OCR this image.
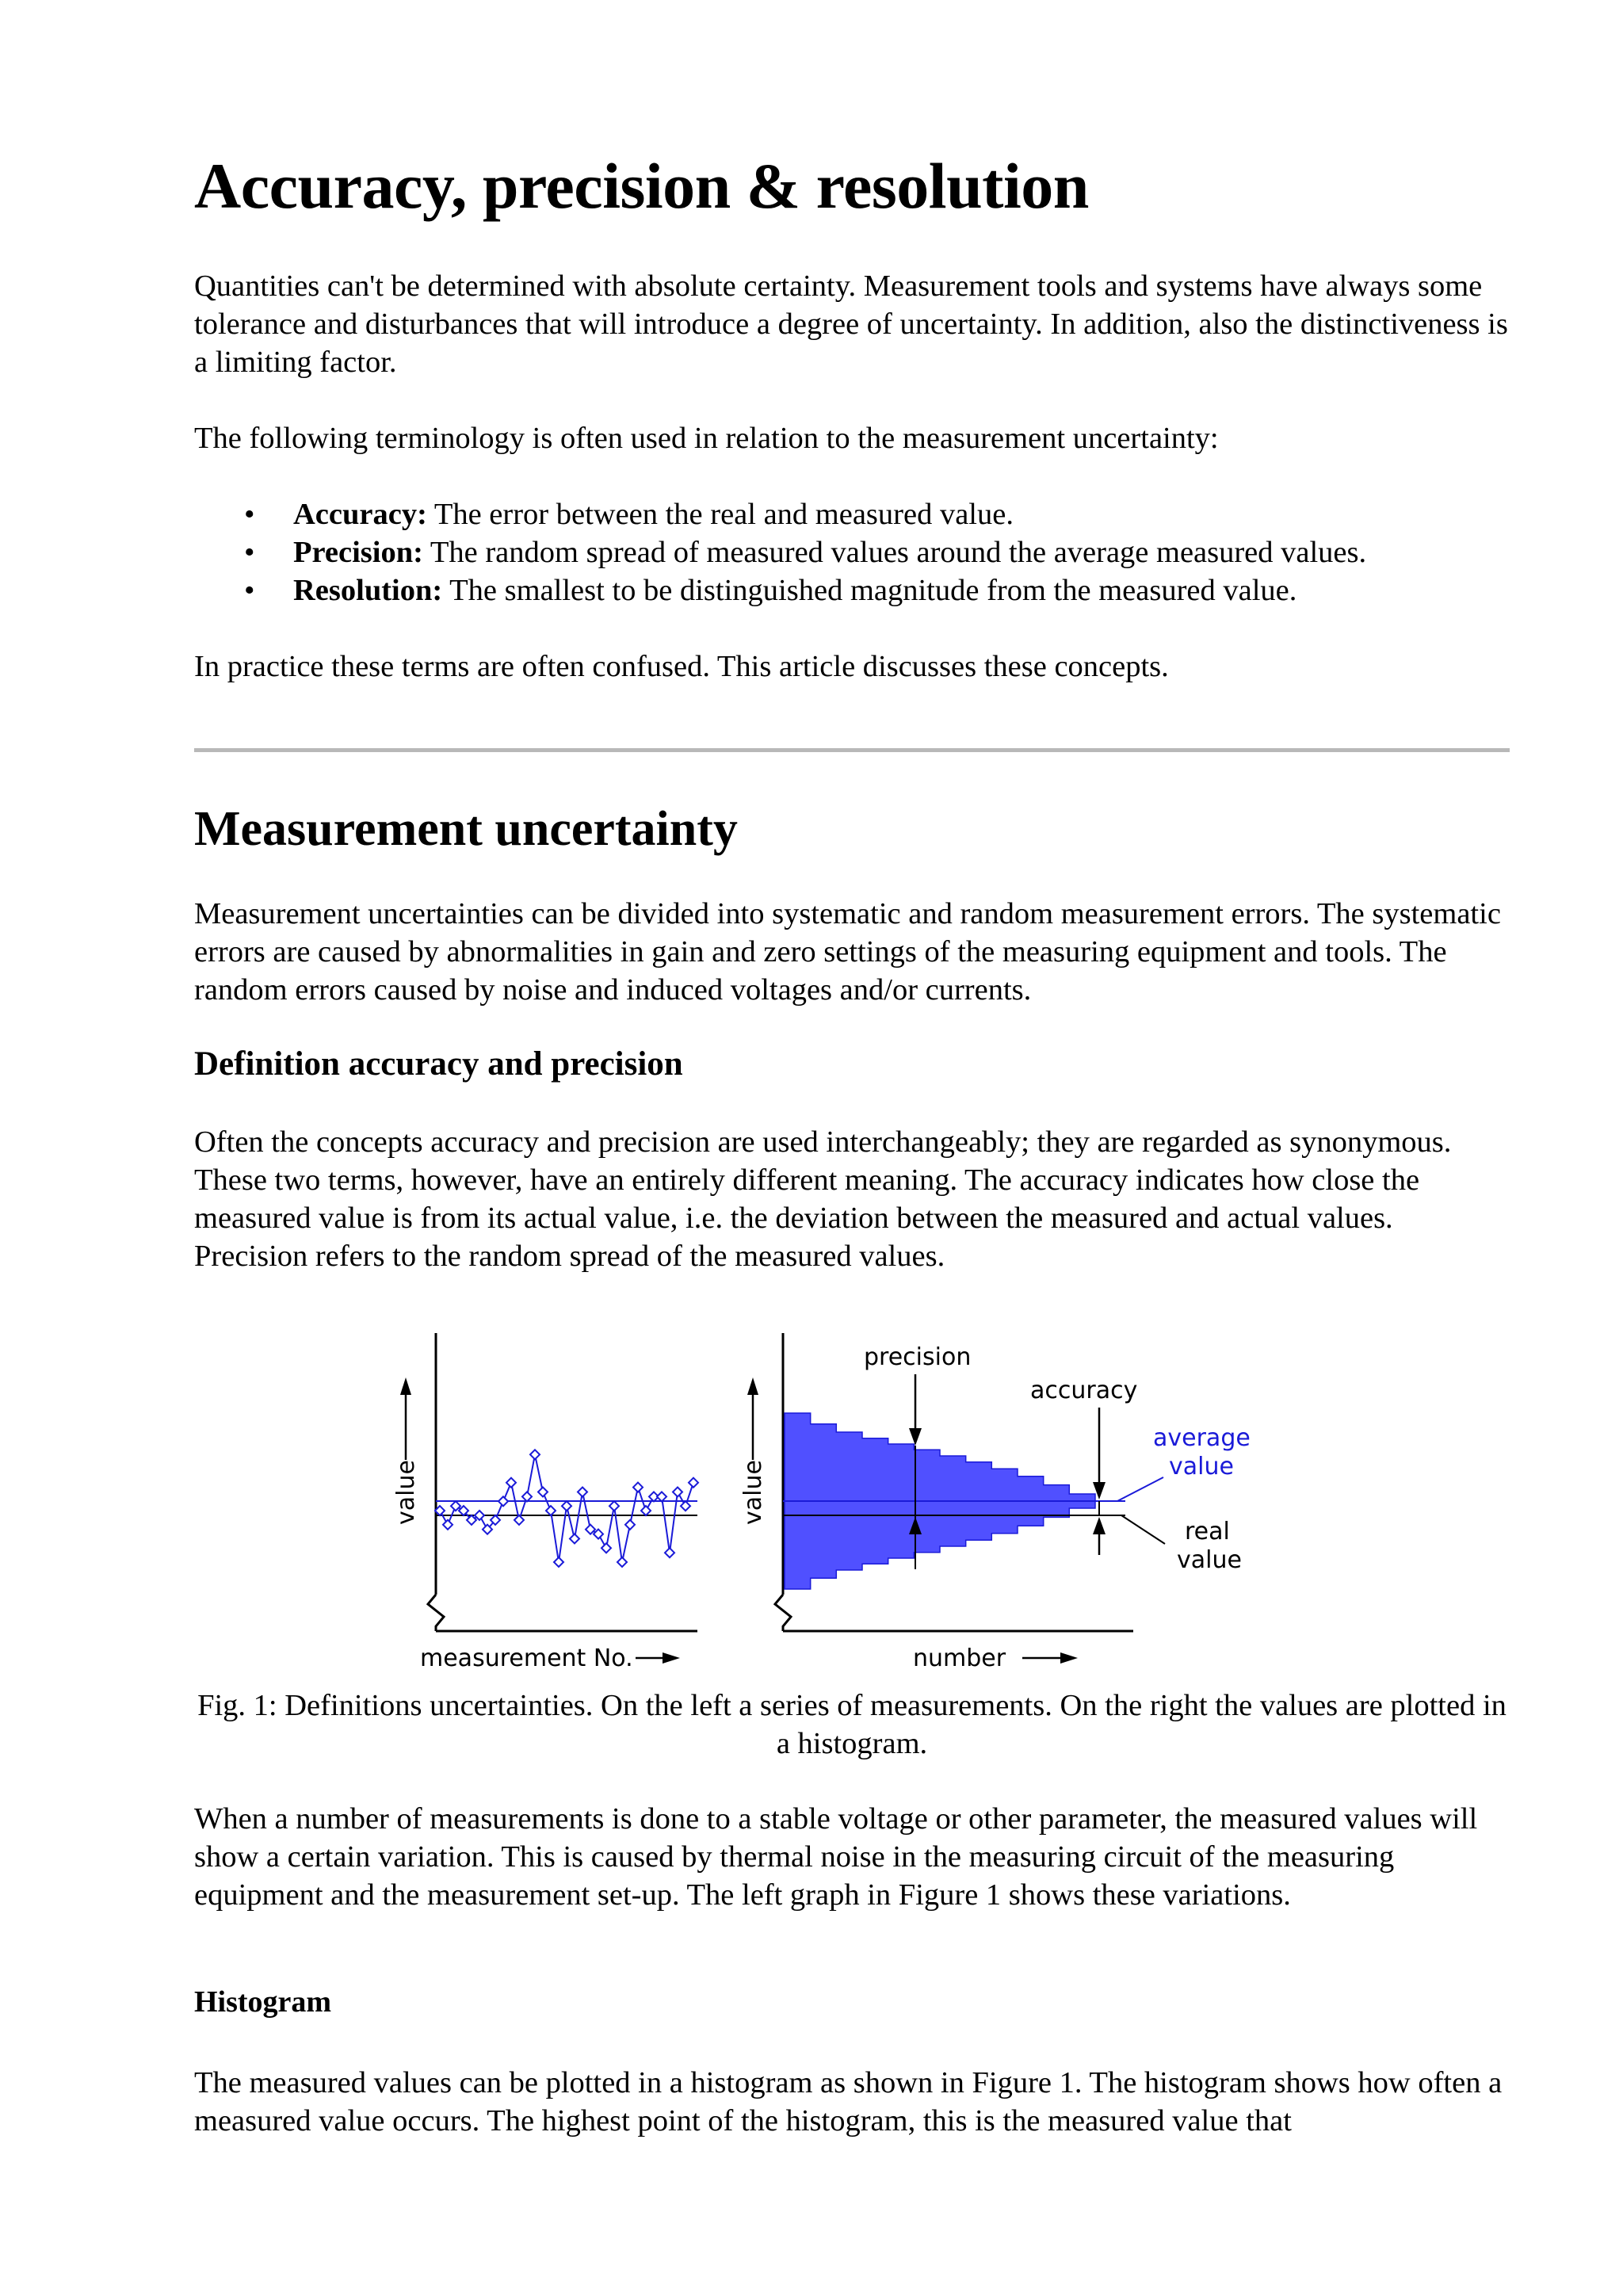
Accuracy, precision & resolution

Quantities can't be determined with absolute certainty. Measurement tools and systems have always some tolerance and disturbances that will introduce a degree of uncertainty. In addition, also the distinctiveness is a limiting factor.

The following terminology is often used in relation to the measurement uncertainty:

• Accuracy: The error between the real and measured value.
• Precision: The random spread of measured values around the average measured values.
• Resolution: The smallest to be distinguished magnitude from the measured value.

In practice these terms are often confused. This article discusses these concepts.

Measurement uncertainty

Measurement uncertainties can be divided into systematic and random measurement errors. The systematic errors are caused by abnormalities in gain and zero settings of the measuring equipment and tools. The random errors caused by noise and induced voltages and/or currents.

Definition accuracy and precision

Often the concepts accuracy and precision are used interchangeably; they are regarded as synonymous. These two terms, however, have an entirely different meaning. The accuracy indicates how close the measured value is from its actual value, i.e. the deviation between the measured and actual values. Precision refers to the random spread of the measured values.

value
measurement No.
precision
accuracy
average
value
real
value
value
number

Fig. 1: Definitions uncertainties. On the left a series of measurements. On the right the values are plotted in a histogram.

When a number of measurements is done to a stable voltage or other parameter, the measured values will show a certain variation. This is caused by thermal noise in the measuring circuit of the measuring equipment and the measurement set-up. The left graph in Figure 1 shows these variations.

Histogram

The measured values can be plotted in a histogram as shown in Figure 1. The histogram shows how often a measured value occurs. The highest point of the histogram, this is the measured value that
